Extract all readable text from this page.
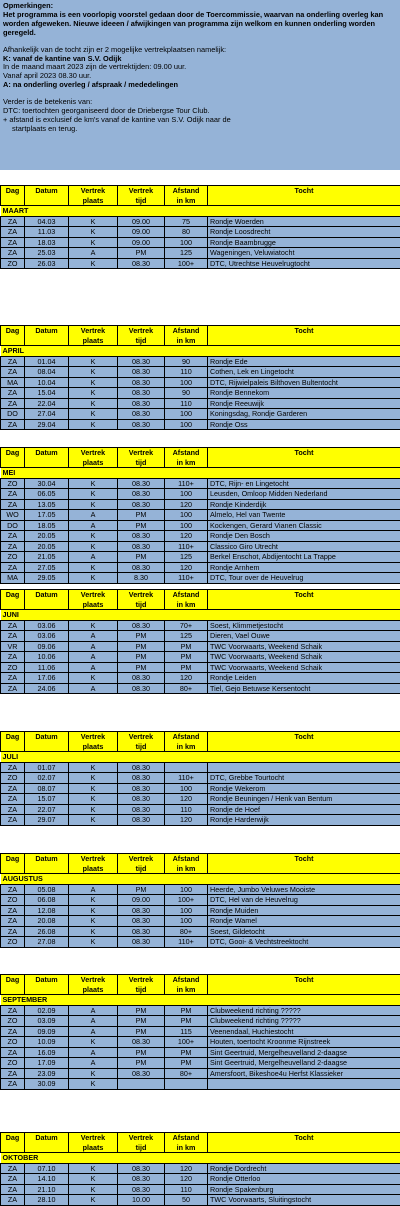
Opmerkingen:
Het programma is een voorlopig voorstel gedaan door de Toercommissie, waarvan na onderling overleg kan worden afgeweken. Nieuwe ideeen / afwijkingen van programma zijn welkom en kunnen onderling worden geregeld.
Afhankelijk van de tocht zijn er 2 mogelijke vertrekplaatsen namelijk:
K: vanaf de kantine van S.V. Odijk
In de maand maart 2023 zijn de vertrektijden: 09.00 uur.
Vanaf april 2023 08.30 uur.
A: na onderling overleg / afspraak / mededelingen
Verder is de betekenis van:
DTC: toertochten georganiseerd door de Driebergse Tour Club.
+ afstand is exclusief de km's vanaf de kantine van S.V. Odijk naar de
startplaats en terug.
Dag	Datum	Vertrek	Vertrek	Afstand	Tocht
		plaats	tijd	in km	
MAART					
ZA	04.03	K	09.00	75	Rondje Woerden
ZA	11.03	K	09.00	80	Rondje Loosdrecht
ZA	18.03	K	09.00	100	Rondje Baambrugge
ZA	25.03	A	PM	125	Wageningen, Veluwiatocht
ZO	26.03	K	08.30	100+	DTC, Utrechtse Heuvelrugtocht
Dag	Datum	Vertrek	Vertrek	Afstand	Tocht
		plaats	tijd	in km	
APRIL					
ZA	01.04	K	08.30	90	Rondje Ede
ZA	08.04	K	08.30	110	Cothen, Lek en Lingetocht
MA	10.04	K	08.30	100	DTC, Rijwielpaleis Bilthoven Bultentocht
ZA	15.04	K	08.30	90	Rondje Bennekom
ZA	22.04	K	08.30	110	Rondje Reeuwijk
DO	27.04	K	08.30	100	Koningsdag, Rondje Garderen
ZA	29.04	K	08.30	100	Rondje Oss
Dag	Datum	Vertrek	Vertrek	Afstand	Tocht
		plaats	tijd	in km	
MEI					
ZO	30.04	K	08.30	110+	DTC, Rijn- en Lingetocht
ZA	06.05	K	08.30	100	Leusden, Omloop Midden Nederland
ZA	13.05	K	08.30	120	Rondje Kinderdijk
WO	17.05	A	PM	100	Almelo, Hel van Twente
DO	18.05	A	PM	100	Kockengen, Gerard Vianen Classic
ZA	20.05	K	08.30	120	Rondje Den Bosch
ZA	20.05	K	08.30	110+	Classico Giro Utrecht
ZO	21.05	A	PM	125	Berkel Enschot, Abdijentocht La Trappe
ZA	27.05	K	08.30	120	Rondje Arnhem
MA	29.05	K	8.30	110+	DTC, Tour over de Heuvelrug
Dag	Datum	Vertrek	Vertrek	Afstand	Tocht
		plaats	tijd	in km	
JUNI					
ZA	03.06	K	08.30	70+	Soest, Klimmetjestocht
ZA	03.06	A	PM	125	Dieren, Vael Ouwe
VR	09.06	A	PM	PM	TWC Voorwaarts, Weekend Schaik
ZA	10.06	A	PM	PM	TWC Voorwaarts, Weekend Schaik
ZO	11.06	A	PM	PM	TWC Voorwaarts, Weekend Schaik
ZA	17.06	K	08.30	120	Rondje Leiden
ZA	24.06	A	08.30	80+	Tiel, Gejo Betuwse Kersentocht
Dag	Datum	Vertrek	Vertrek	Afstand	Tocht
		plaats	tijd	in km	
JULI					
ZA	01.07	K	08.30		
ZO	02.07	K	08.30	110+	DTC, Grebbe Tourtocht
ZA	08.07	K	08.30	100	Rondje Wekerom
ZA	15.07	K	08.30	120	Rondje Beuningen / Henk van Bentum
ZA	22.07	K	08.30	110	Rondje de Hoef
ZA	29.07	K	08.30	120	Rondje Harderwijk
Dag	Datum	Vertrek	Vertrek	Afstand	Tocht
		plaats	tijd	in km	
AUGUSTUS					
ZA	05.08	A	PM	100	Heerde, Jumbo Veluwes Mooiste
ZO	06.08	K	09.00	100+	DTC, Hel van de Heuvelrug
ZA	12.08	K	08.30	100	Rondje Muiden
ZA	20.08	K	08.30	100	Rondje Wamel
ZA	26.08	K	08.30	80+	Soest, Gildetocht
ZO	27.08	K	08.30	110+	DTC, Gooi- & Vechtstreektocht
Dag	Datum	Vertrek	Vertrek	Afstand	Tocht
		plaats	tijd	in km	
SEPTEMBER					
ZA	02.09	A	PM	PM	Clubweekend richting ?????
ZO	03.09	A	PM	PM	Clubweekend richting ?????
ZA	09.09	A	PM	115	Veenendaal, Huchiestocht
ZO	10.09	K	08.30	100+	Houten, toertocht Kroonme Rijnstreek
ZA	16.09	A	PM	PM	Sint Geertruid, Mergelheuvelland 2-daagse
ZO	17.09	A	PM	PM	Sint Geertruid, Mergelheuvelland 2-daagse
ZA	23.09	K	08.30	80+	Amersfoort, Bikeshoe4u Herfst Klassieker
ZA	30.09	K			
Dag	Datum	Vertrek	Vertrek	Afstand	Tocht
		plaats	tijd	in km	
OKTOBER					
ZA	07.10	K	08.30	120	Rondje Dordrecht
ZA	14.10	K	08.30	120	Rondje Otterloo
ZA	21.10	K	08.30	110	Rondje Spakenburg
ZA	28.10	K	10.00	50	TWC Voorwaarts, Sluitingstocht
